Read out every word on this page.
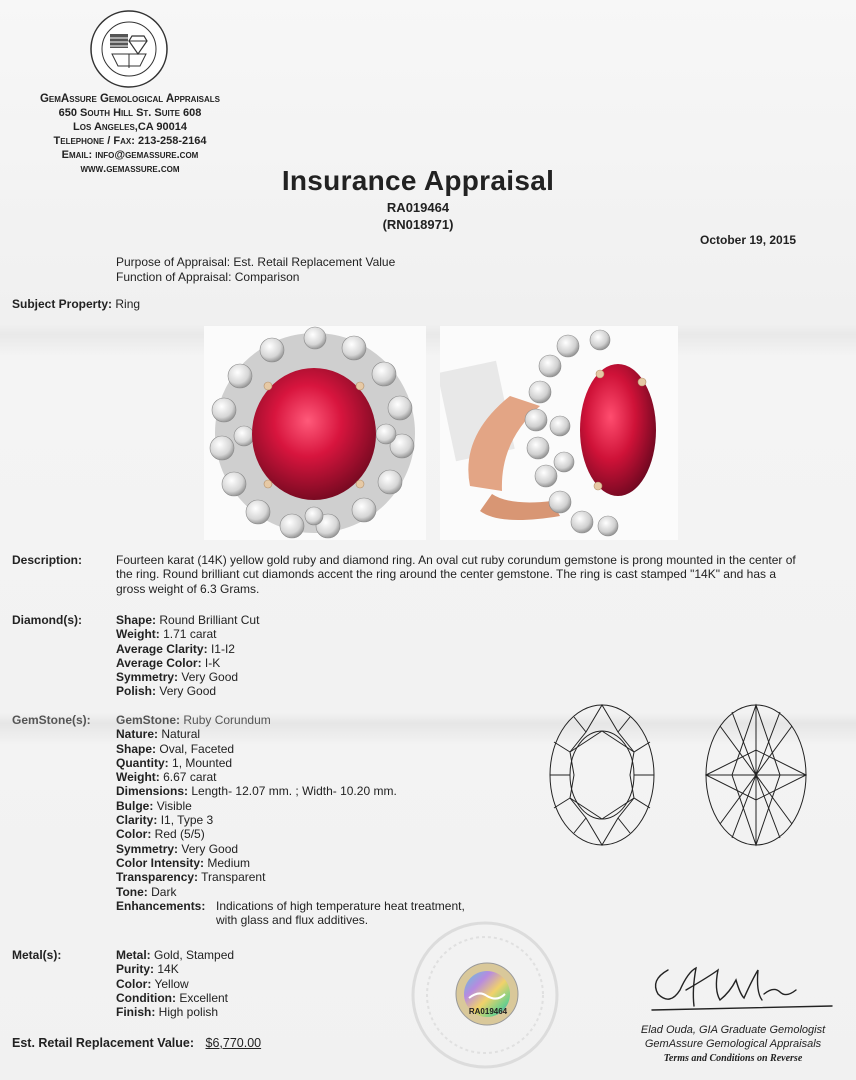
GemAssure Gemological Appraisals
650 South Hill St. Suite 608
Los Angeles,CA 90014
Telephone / Fax: 213-258-2164
Email: info@gemassure.com
www.gemassure.com	Insurance Appraisal
RA019464
(RN018971)
October 19, 2015
Purpose of Appraisal: Est. Retail Replacement Value
Function of Appraisal: Comparison
Subject Property: Ring
Description:	Fourteen karat (14K) yellow gold ruby and diamond ring. An oval cut ruby corundum gemstone is prong mounted in the center of
the ring. Round brilliant cut diamonds accent the ring around the center gemstone. The ring is cast stamped "14K" and has a
gross weight of 6.3 Grams.
Diamond(s):	Shape: Round Brilliant Cut
Weight: 1.71 carat
Average Clarity: I1-I2
Average Color: I-K
Symmetry: Very Good
Polish: Very Good
GemStone(s): GemStone: Ruby Corundum
Nature: Natural
Shape: Oval, Faceted
Quantity: 1, Mounted
Weight: 6.67 carat
Dimensions: Length- 12.07 mm. ; Width- 10.20 mm.
Bulge: Visible
Clarity: I1, Type 3
Color: Red (5/5)
Symmetry: Very Good
Color Intensity: Medium
Transparency: Transparent
Tone: Dark
Enhancements: Indications of high temperature heat treatment,
with glass and flux additives.
Metal(s):	Metal: Gold, Stamped
Purity: 14K
Color: Yellow
Condition: Excellent
Finish: High polish
Est. Retail Replacement Value: $6,770.00
RA019464
Elad Ouda, GIA Graduate Gemologist
GemAssure Gemological Appraisals
Terms and Conditions on Reverse
